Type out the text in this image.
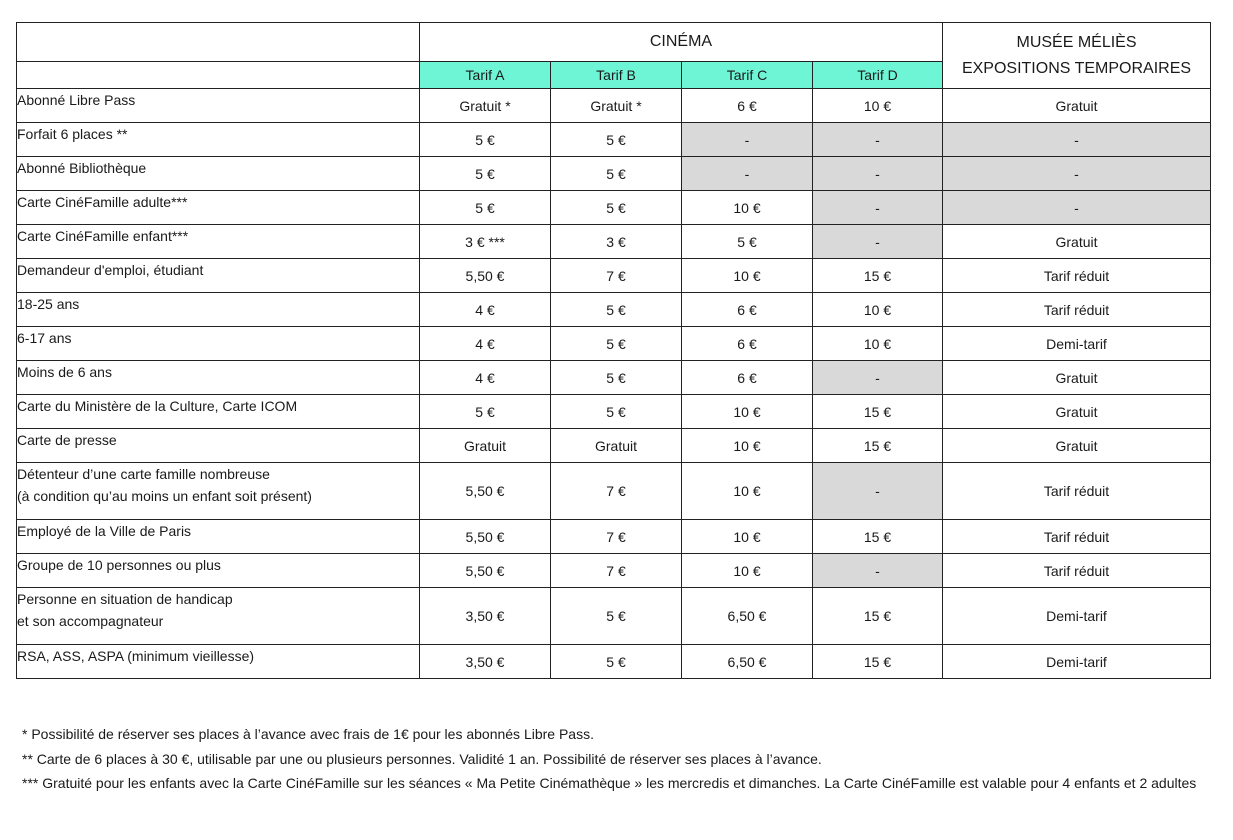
	CINÉMA				MUSÉE MÉLIÈS
EXPOSITIONS TEMPORAIRES

	Tarif A	Tarif B	Tarif C	Tarif D	

Abonné Libre Pass	Gratuit *	Gratuit *	6 €	10 €	Gratuit

Forfait 6 places **	5 €	5 €	-	-	-

Abonné Bibliothèque	5 €	5 €	-	-	-

Carte CinéFamille adulte***	5 €	5 €	10 €	-	-

Carte CinéFamille enfant***	3 € ***	3 €	5 €	-	Gratuit

Demandeur d'emploi, étudiant	5,50 €	7 €	10 €	15 €	Tarif réduit

18-25 ans	4 €	5 €	6 €	10 €	Tarif réduit

6-17 ans	4 €	5 €	6 €	10 €	Demi-tarif

Moins de 6 ans	4 €	5 €	6 €	-	Gratuit

Carte du Ministère de la Culture, Carte ICOM	5 €	5 €	10 €	15 €	Gratuit

Carte de presse	Gratuit	Gratuit	10 €	15 €	Gratuit

Détenteur d’une carte famille nombreuse
(à condition qu’au moins un enfant soit présent)	5,50 €	7 €	10 €	-	Tarif réduit

Employé de la Ville de Paris	5,50 €	7 €	10 €	15 €	Tarif réduit

Groupe de 10 personnes ou plus	5,50 €	7 €	10 €	-	Tarif réduit

Personne en situation de handicap
et son accompagnateur	3,50 €	5 €	6,50 €	15 €	Demi-tarif

RSA, ASS, ASPA (minimum vieillesse)	3,50 €	5 €	6,50 €	15 €	Demi-tarif

* Possibilité de réserver ses places à l’avance avec frais de 1€ pour les abonnés Libre Pass.

** Carte de 6 places à 30 €, utilisable par une ou plusieurs personnes. Validité 1 an. Possibilité de réserver ses places à l’avance.

*** Gratuité pour les enfants avec la Carte CinéFamille sur les séances « Ma Petite Cinémathèque » les mercredis et dimanches. La Carte CinéFamille est valable pour 4 enfants et 2 adultes
